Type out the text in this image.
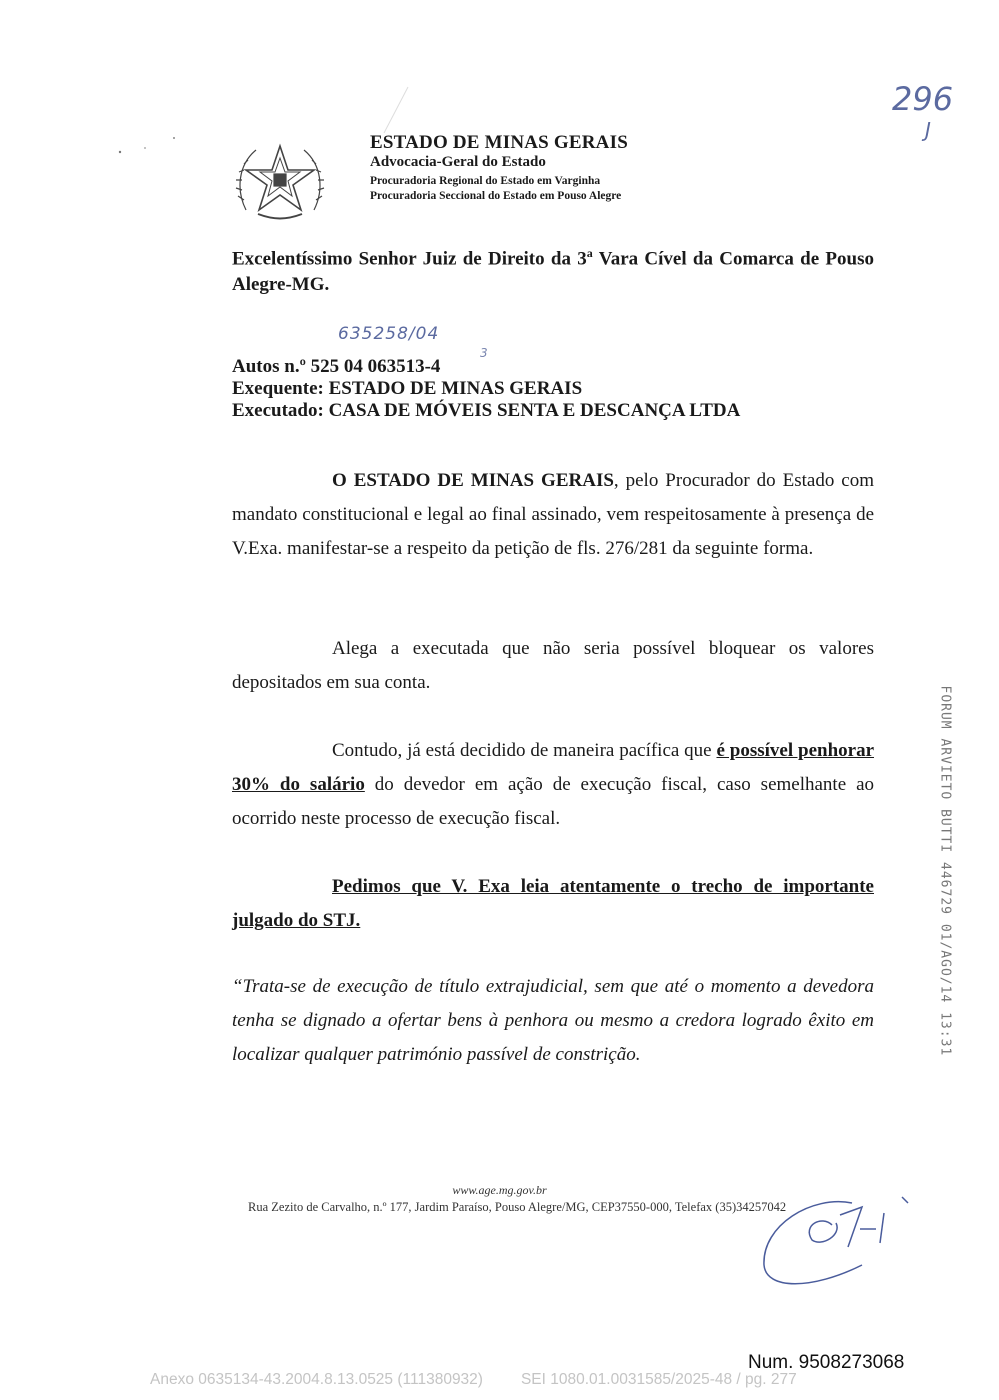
ESTADO DE MINAS GERAIS
Advocacia-Geral do Estado
Procuradoria Regional do Estado em Varginha
Procuradoria Seccional do Estado em Pouso Alegre
296
J
Excelentíssimo Senhor Juiz de Direito da 3$^a$ Vara Cível da Comarca de Pouso Alegre-MG.
635258/04
3
Autos n.º 525 04 063513-4
Exequente: ESTADO DE MINAS GERAIS
Executado: CASA DE MÓVEIS SENTA E DESCANÇA LTDA
O ESTADO DE MINAS GERAIS, pelo Procurador do Estado com mandato constitucional e legal ao final assinado, vem respeitosamente à presença de V.Exa. manifestar-se a respeito da petição de fls. 276/281 da seguinte forma.
Alega a executada que não seria possível bloquear os valores depositados em sua conta.
Contudo, já está decidido de maneira pacífica que é possível penhorar 30% do salário do devedor em ação de execução fiscal, caso semelhante ao ocorrido neste processo de execução fiscal.
Pedimos que V. Exa leia atentamente o trecho de importante julgado do STJ.
“Trata-se de execução de título extrajudicial, sem que até o momento a devedora tenha se dignado a ofertar bens à penhora ou mesmo a credora logrado êxito em localizar qualquer património passível de constrição.
www.age.mg.gov.br
Rua Zezito de Carvalho, n.º 177, Jardim Paraíso, Pouso Alegre/MG, CEP37550-000, Telefax (35)34257042
FORUM ARVIETO BUTTI 446729 01/AGO/14 13:31
Num. 9508273068
Anexo 0635134-43.2004.8.13.0525 (111380932) SEI 1080.01.0031585/2025-48 / pg. 277
